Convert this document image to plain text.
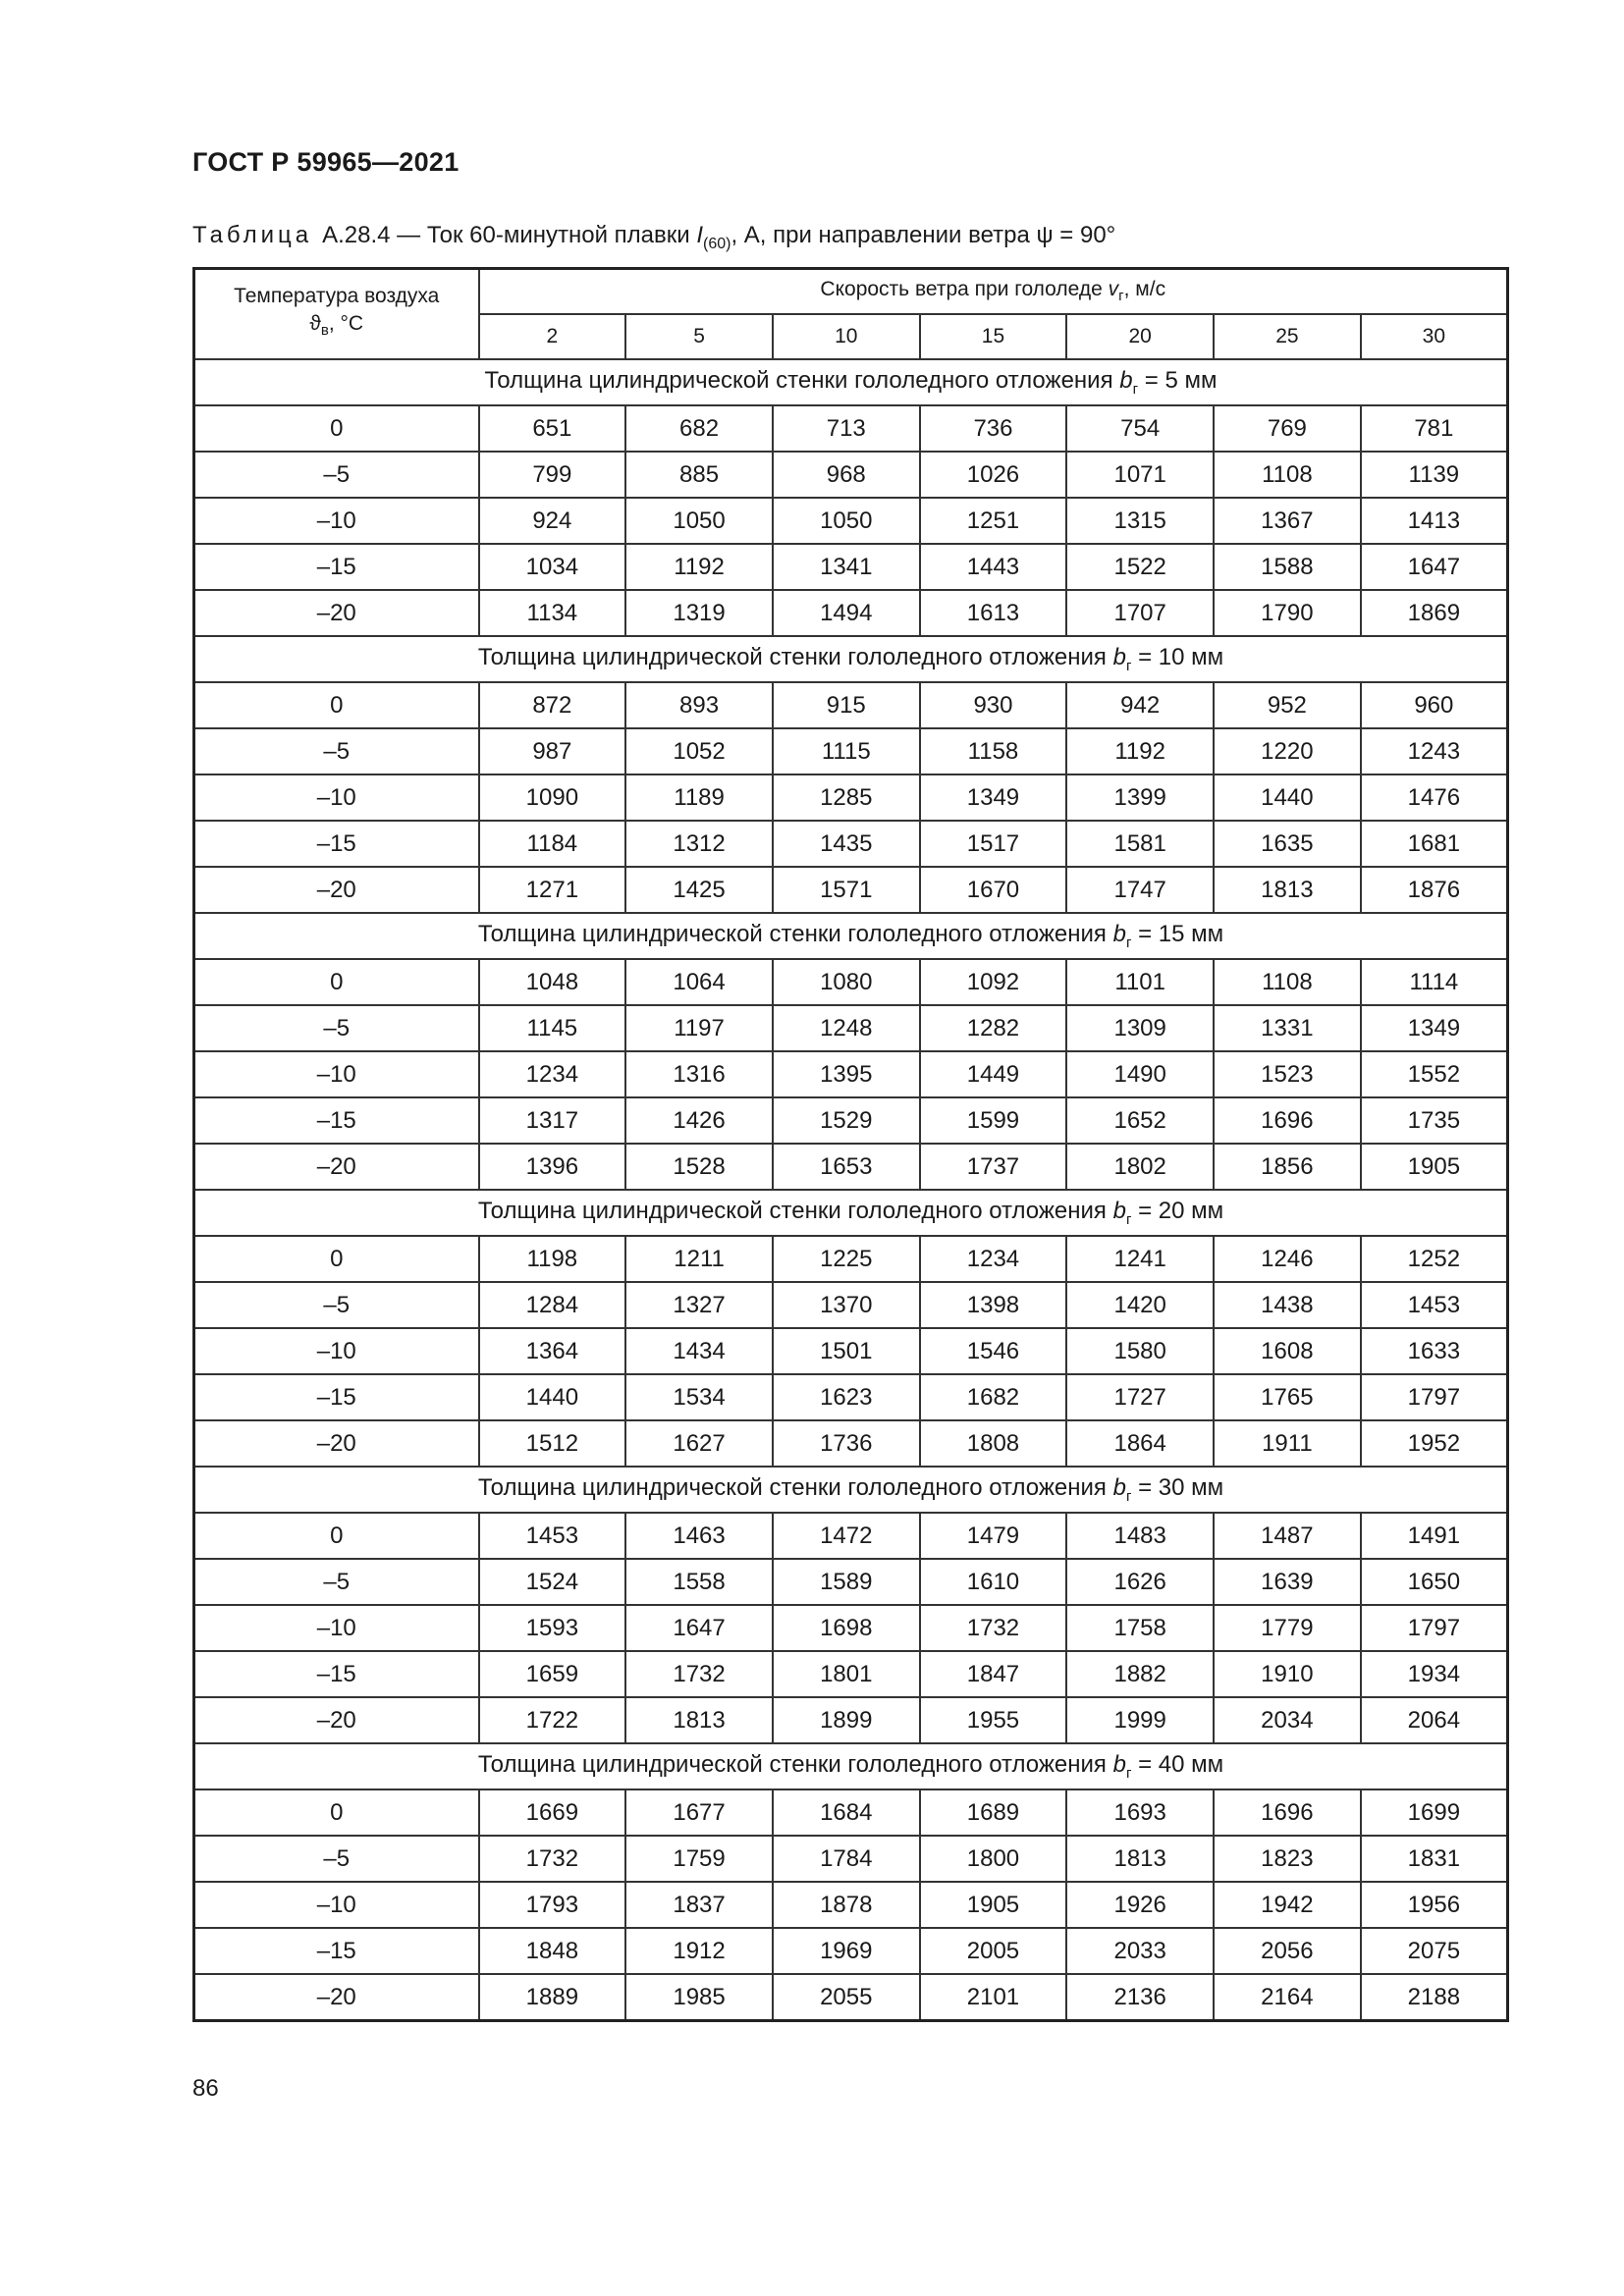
ГОСТ Р 59965—2021
Таблица А.28.4 — Ток 60-минутной плавки $I_{(60)}$, А, при направлении ветра ψ = 90°
Температура воздуха
$ϑ_в$, °С	Скорость ветра при гололеде $v_г$, м/с						
	2	5	10	15	20	25	30
Толщина цилиндрической стенки гололедного отложения $b_г = 5$ мм							
0	651	682	713	736	754	769	781
–5	799	885	968	1026	1071	1108	1139
–10	924	1050	1050	1251	1315	1367	1413
–15	1034	1192	1341	1443	1522	1588	1647
–20	1134	1319	1494	1613	1707	1790	1869
Толщина цилиндрической стенки гололедного отложения $b_г = 10$ мм							
0	872	893	915	930	942	952	960
–5	987	1052	1115	1158	1192	1220	1243
–10	1090	1189	1285	1349	1399	1440	1476
–15	1184	1312	1435	1517	1581	1635	1681
–20	1271	1425	1571	1670	1747	1813	1876
Толщина цилиндрической стенки гололедного отложения $b_г = 15$ мм							
0	1048	1064	1080	1092	1101	1108	1114
–5	1145	1197	1248	1282	1309	1331	1349
–10	1234	1316	1395	1449	1490	1523	1552
–15	1317	1426	1529	1599	1652	1696	1735
–20	1396	1528	1653	1737	1802	1856	1905
Толщина цилиндрической стенки гололедного отложения $b_г = 20$ мм							
0	1198	1211	1225	1234	1241	1246	1252
–5	1284	1327	1370	1398	1420	1438	1453
–10	1364	1434	1501	1546	1580	1608	1633
–15	1440	1534	1623	1682	1727	1765	1797
–20	1512	1627	1736	1808	1864	1911	1952
Толщина цилиндрической стенки гололедного отложения $b_г = 30$ мм							
0	1453	1463	1472	1479	1483	1487	1491
–5	1524	1558	1589	1610	1626	1639	1650
–10	1593	1647	1698	1732	1758	1779	1797
–15	1659	1732	1801	1847	1882	1910	1934
–20	1722	1813	1899	1955	1999	2034	2064
Толщина цилиндрической стенки гололедного отложения $b_г = 40$ мм							
0	1669	1677	1684	1689	1693	1696	1699
–5	1732	1759	1784	1800	1813	1823	1831
–10	1793	1837	1878	1905	1926	1942	1956
–15	1848	1912	1969	2005	2033	2056	2075
–20	1889	1985	2055	2101	2136	2164	2188
86
